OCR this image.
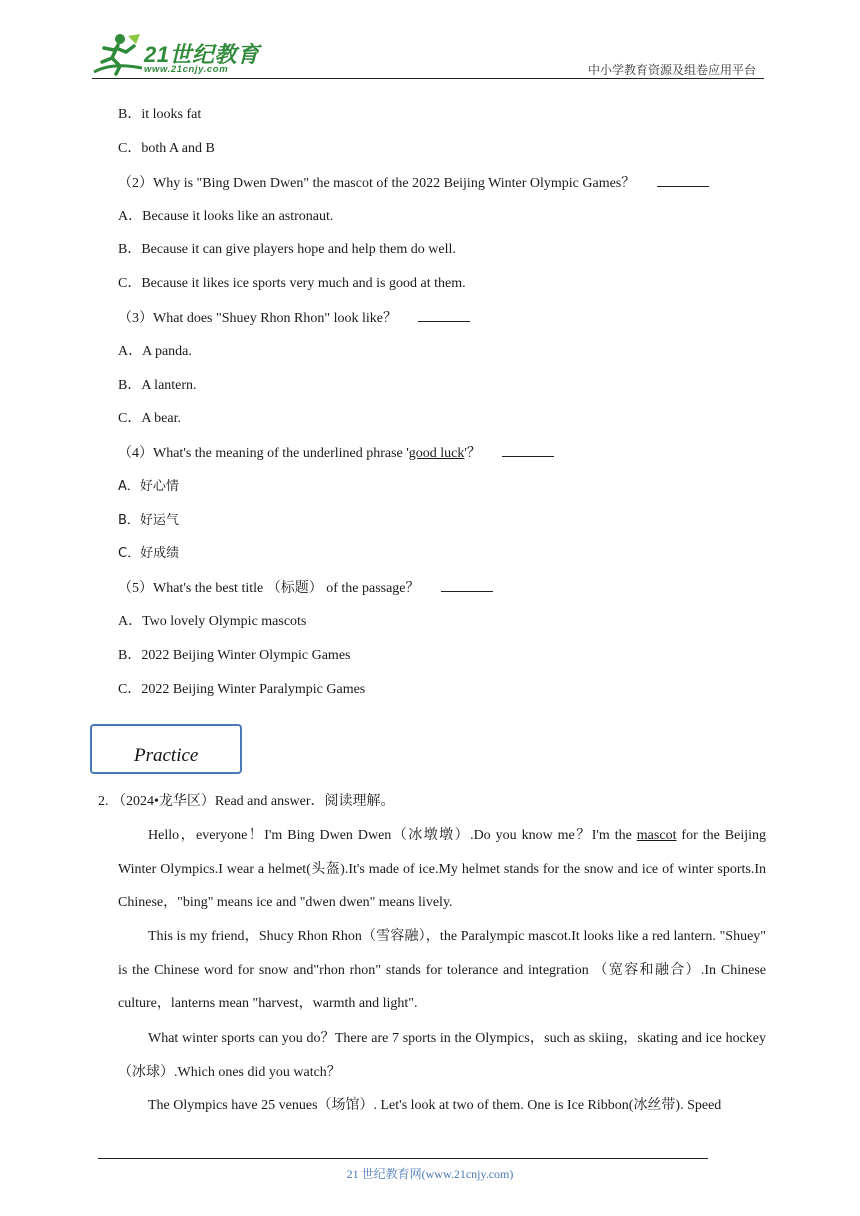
21世纪教育
www.21cnjy.com	中小学教育资源及组卷应用平台
B．it looks fat
C．both A and B
（2）Why is "Bing Dwen Dwen" the mascot of the 2022 Beijing Winter Olympic Games？
A．Because it looks like an astronaut.
B．Because it can give players hope and help them do well.
C．Because it likes ice sports very much and is good at them.
（3）What does "Shuey Rhon Rhon" look like？
A．A panda.
B．A lantern.
C．A bear.
（4）What's the meaning of the underlined phrase 'good luck'？
A．好心情
B．好运气
C．好成绩
（5）What's the best title （标题） of the passage？
A．Two lovely Olympic mascots
B．2022 Beijing Winter Olympic Games
C．2022 Beijing Winter Paralympic Games
Practice
2. （2024•龙华区）Read and answer．阅读理解。
Hello，everyone！I'm Bing Dwen Dwen（冰墩墩）.Do you know me？I'm the mascot for the Beijing Winter Olympics.I wear a helmet(头盔).It's made of ice.My helmet stands for the snow and ice of winter sports.In Chinese，"bing" means ice and "dwen dwen" means lively.
This is my friend，Shucy Rhon Rhon（雪容融），the Paralympic mascot.It looks like a red lantern. "Shuey" is the Chinese word for snow and"rhon rhon" stands for tolerance and integration （宽容和融合）.In Chinese culture，lanterns mean "harvest，warmth and light".
What winter sports can you do？There are 7 sports in the Olympics，such as skiing，skating and ice hockey（冰球）.Which ones did you watch？
The Olympics have 25 venues（场馆）. Let's look at two of them. One is Ice Ribbon(冰丝带). Speed
21 世纪教育网(www.21cnjy.com)
